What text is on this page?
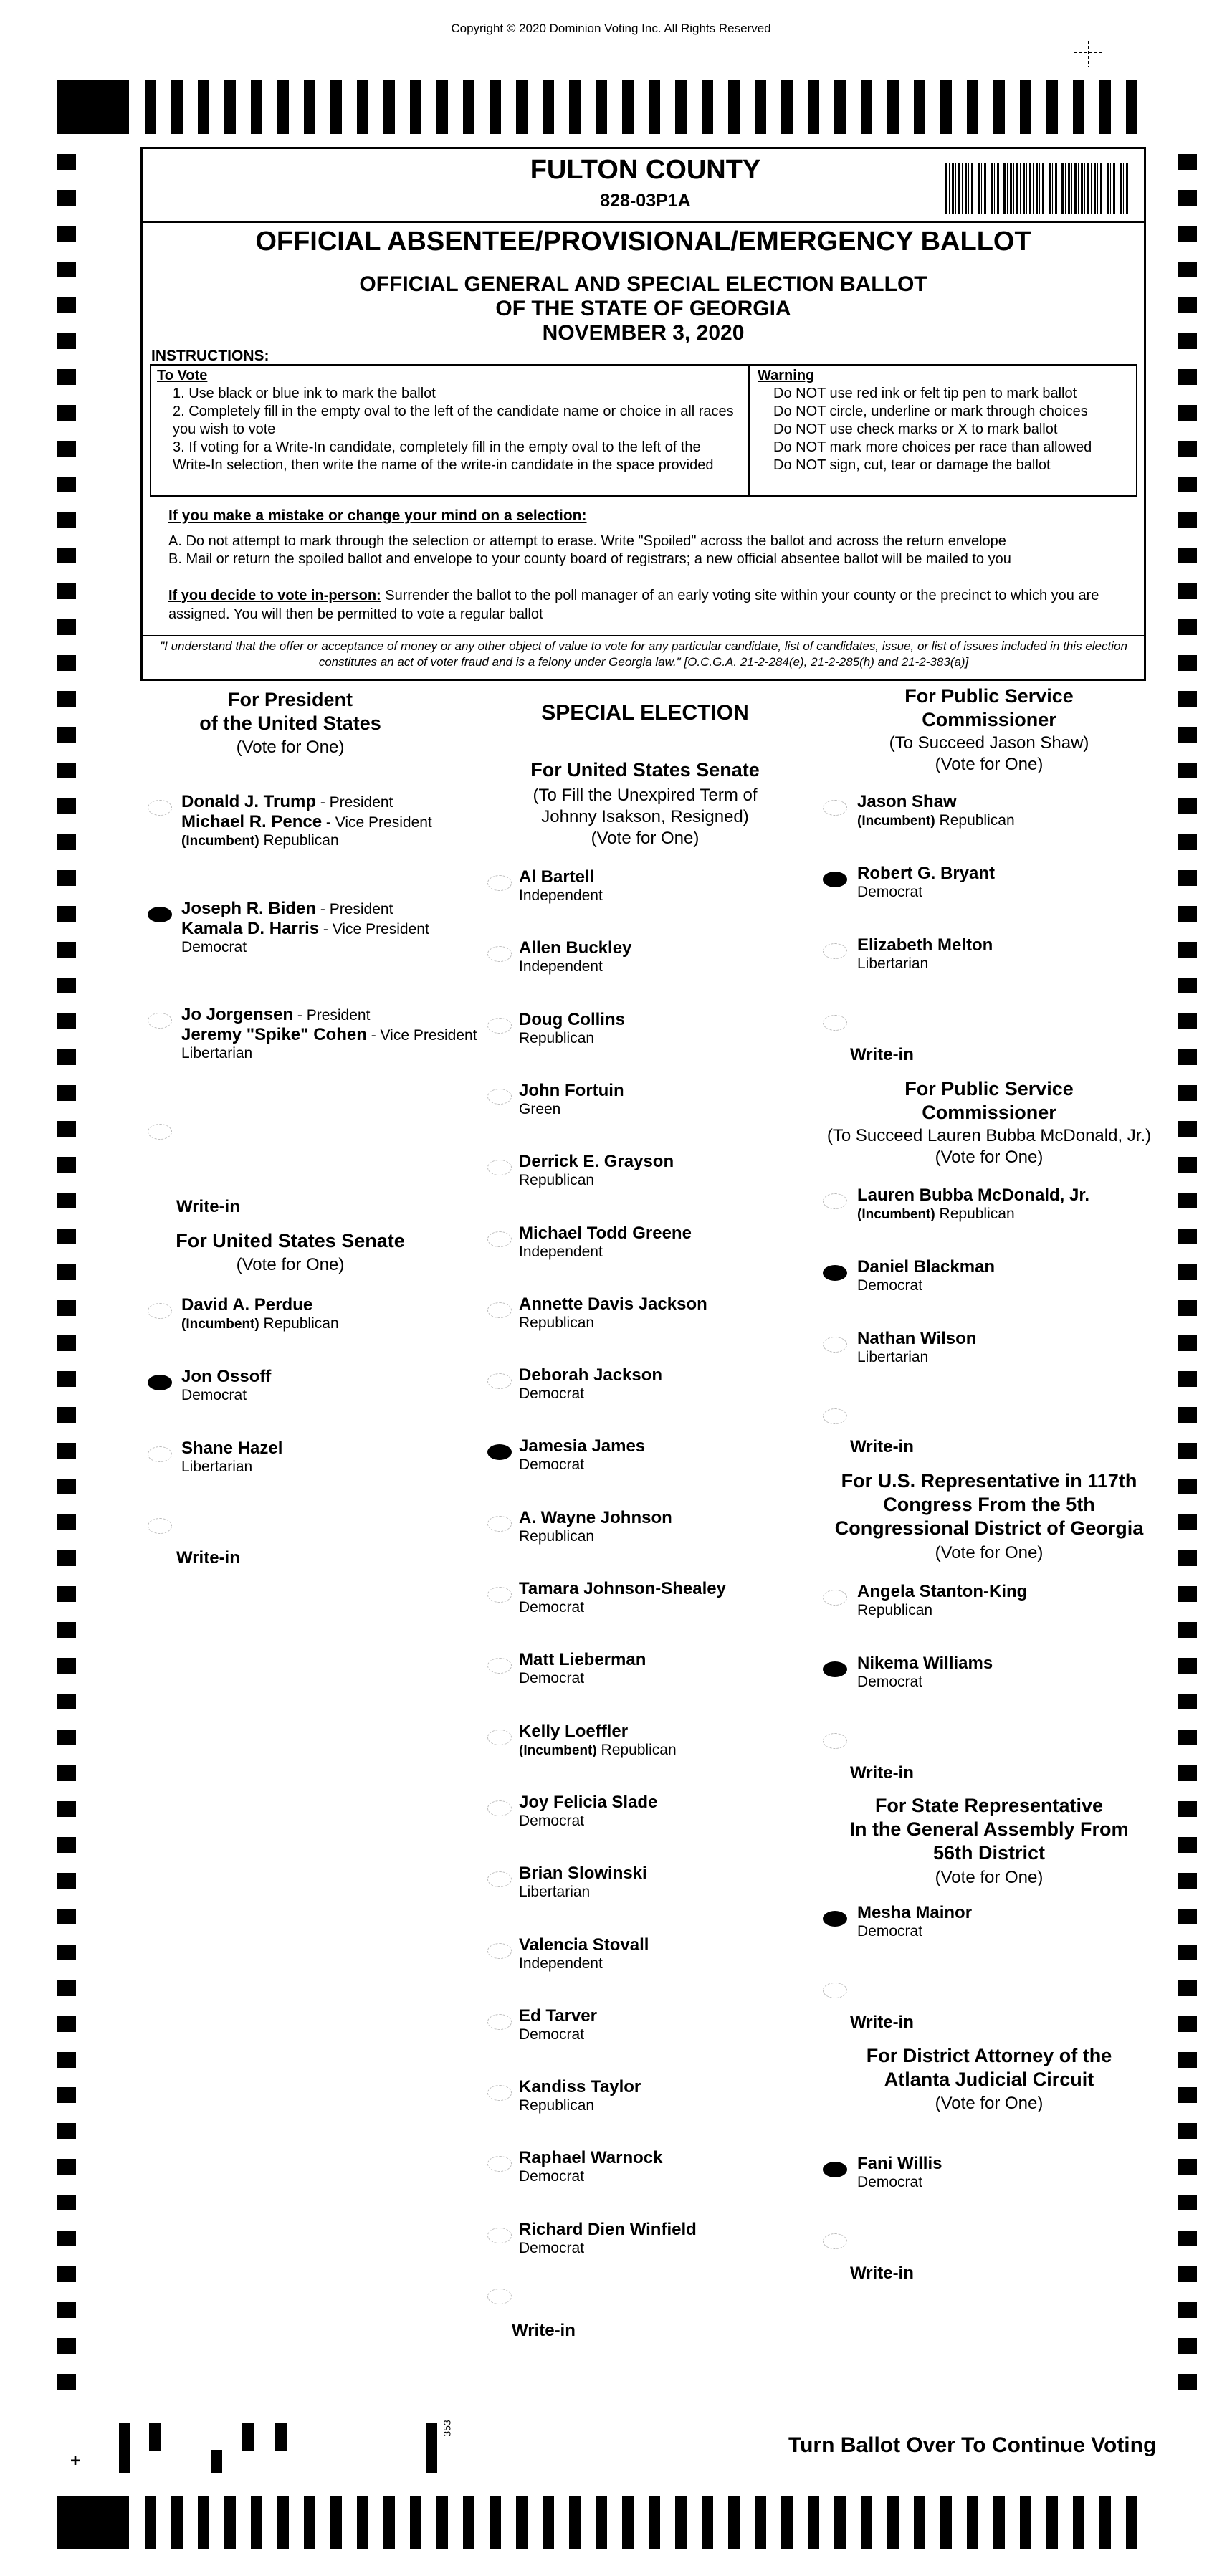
Copyright © 2020 Dominion Voting Inc. All Rights Reserved
FULTON COUNTY
828-03P1A
OFFICIAL ABSENTEE/PROVISIONAL/EMERGENCY BALLOT
OFFICIAL GENERAL AND SPECIAL ELECTION BALLOT
OF THE STATE OF GEORGIA
NOVEMBER 3, 2020
INSTRUCTIONS:
To Vote
1. Use black or blue ink to mark the ballot
2. Completely fill in the empty oval to the left of the candidate name or choice in all races you wish to vote
3. If voting for a Write-In candidate, completely fill in the empty oval to the left of the Write-In selection, then write the name of the write-in candidate in the space provided
Warning
Do NOT use red ink or felt tip pen to mark ballot
Do NOT circle, underline or mark through choices
Do NOT use check marks or X to mark ballot
Do NOT mark more choices per race than allowed
Do NOT sign, cut, tear or damage the ballot
If you make a mistake or change your mind on a selection:
A. Do not attempt to mark through the selection or attempt to erase. Write "Spoiled" across the ballot and across the return envelope
B. Mail or return the spoiled ballot and envelope to your county board of registrars; a new official absentee ballot will be mailed to you
If you decide to vote in-person: Surrender the ballot to the poll manager of an early voting site within your county or the precinct to which you are assigned. You will then be permitted to vote a regular ballot
"I understand that the offer or acceptance of money or any other object of value to vote for any particular candidate, list of candidates, issue, or list of issues included in this election constitutes an act of voter fraud and is a felony under Georgia law." [O.C.G.A. 21-2-284(e), 21-2-285(h) and 21-2-383(a)]
For President
of the United States
(Vote for One)
Donald J. Trump - President
Michael R. Pence - Vice President
(Incumbent) Republican
Joseph R. Biden - President
Kamala D. Harris - Vice President
Democrat
Jo Jorgensen - President
Jeremy "Spike" Cohen - Vice President
Libertarian
Write-in
For United States Senate
(Vote for One)
David A. Perdue
(Incumbent) Republican
Jon Ossoff
Democrat
Shane Hazel
Libertarian
Write-in
SPECIAL ELECTION
For United States Senate
(To Fill the Unexpired Term of
Johnny Isakson, Resigned)
(Vote for One)
Al Bartell
Independent
Allen Buckley
Independent
Doug Collins
Republican
John Fortuin
Green
Derrick E. Grayson
Republican
Michael Todd Greene
Independent
Annette Davis Jackson
Republican
Deborah Jackson
Democrat
Jamesia James
Democrat
A. Wayne Johnson
Republican
Tamara Johnson-Shealey
Democrat
Matt Lieberman
Democrat
Kelly Loeffler
(Incumbent) Republican
Joy Felicia Slade
Democrat
Brian Slowinski
Libertarian
Valencia Stovall
Independent
Ed Tarver
Democrat
Kandiss Taylor
Republican
Raphael Warnock
Democrat
Richard Dien Winfield
Democrat
Write-in
For Public Service
Commissioner
(To Succeed Jason Shaw)
(Vote for One)
Jason Shaw
(Incumbent) Republican
Robert G. Bryant
Democrat
Elizabeth Melton
Libertarian
Write-in
For Public Service
Commissioner
(To Succeed Lauren Bubba McDonald, Jr.)
(Vote for One)
Lauren Bubba McDonald, Jr.
(Incumbent) Republican
Daniel Blackman
Democrat
Nathan Wilson
Libertarian
Write-in
For U.S. Representative in 117th
Congress From the 5th
Congressional District of Georgia
(Vote for One)
Angela Stanton-King
Republican
Nikema Williams
Democrat
Write-in
For State Representative
In the General Assembly From
56th District
(Vote for One)
Mesha Mainor
Democrat
Write-in
For District Attorney of the
Atlanta Judicial Circuit
(Vote for One)
Fani Willis
Democrat
Write-in
+
353
Turn Ballot Over To Continue Voting
